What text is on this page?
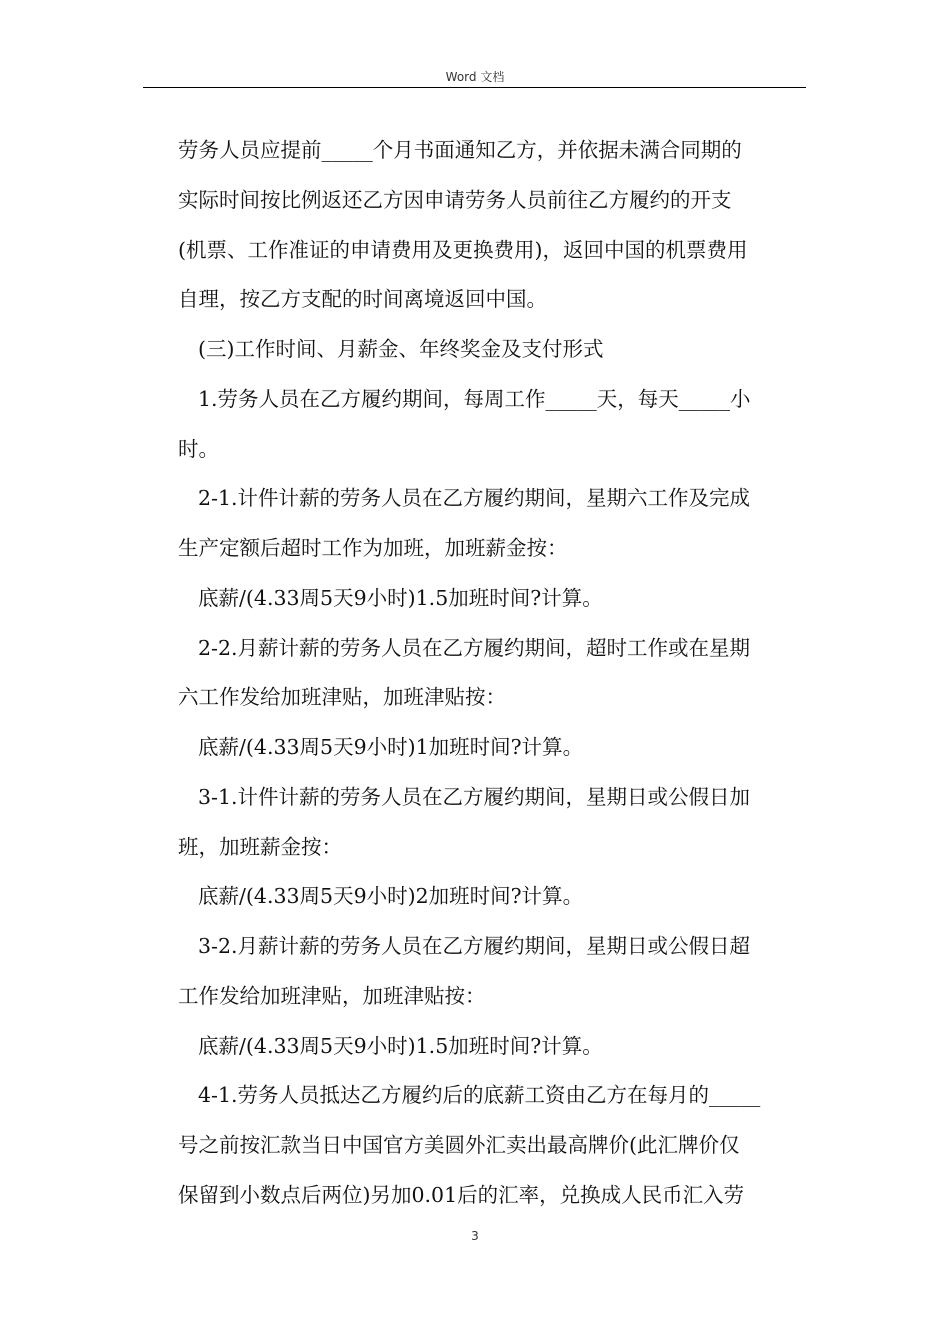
Word 文档
劳务人员应提前_____个月书面通知乙方，并依据未满合同期的
实际时间按比例返还乙方因申请劳务人员前往乙方履约的开支
(机票、工作准证的申请费用及更换费用)，返回中国的机票费用
自理，按乙方支配的时间离境返回中国。
(三)工作时间、月薪金、年终奖金及支付形式
1.劳务人员在乙方履约期间，每周工作_____天，每天_____小
时。
2-1.计件计薪的劳务人员在乙方履约期间，星期六工作及完成
生产定额后超时工作为加班，加班薪金按：
底薪/(4.33周5天9小时)1.5加班时间?计算。
2-2.月薪计薪的劳务人员在乙方履约期间，超时工作或在星期
六工作发给加班津贴，加班津贴按：
底薪/(4.33周5天9小时)1加班时间?计算。
3-1.计件计薪的劳务人员在乙方履约期间，星期日或公假日加
班，加班薪金按：
底薪/(4.33周5天9小时)2加班时间?计算。
3-2.月薪计薪的劳务人员在乙方履约期间，星期日或公假日超
工作发给加班津贴，加班津贴按：
底薪/(4.33周5天9小时)1.5加班时间?计算。
4-1.劳务人员抵达乙方履约后的底薪工资由乙方在每月的_____
号之前按汇款当日中国官方美圆外汇卖出最高牌价(此汇牌价仅
保留到小数点后两位)另加0.01后的汇率，兑换成人民币汇入劳
3
